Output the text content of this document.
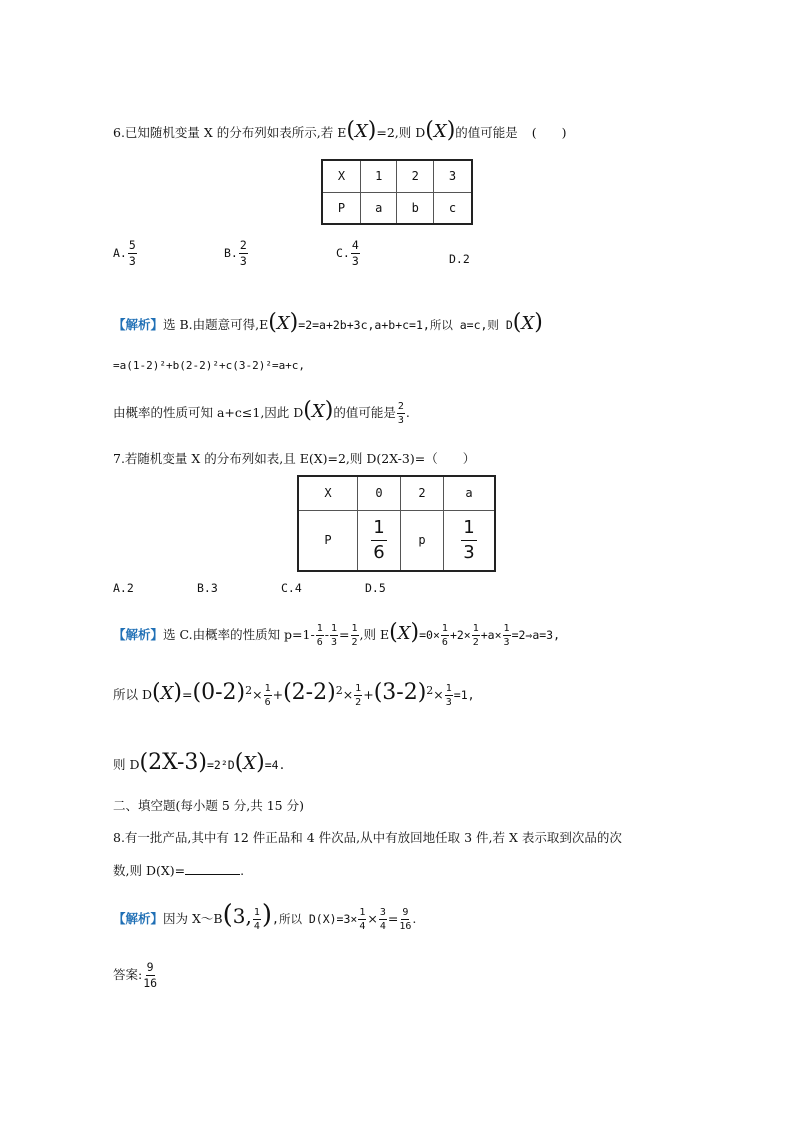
6.已知随机变量 X 的分布列如表所示,若 E(X)=2,则 D(X)的值可能是 (　　)
X	1	2	3
P	a	b	c
A. $\frac{5}{3}$	B. $\frac{2}{3}$	C. $\frac{4}{3}$	D.2
【解析】选 B.由题意可得,E(X)=2=a+2b+3c,a+b+c=1,所以 a=c,则 D(X)
=a(1-2)²+b(2-2)²+c(3-2)²=a+c,
由概率的性质可知 a+c≤1,因此 D(X)的值可能是 $\frac{2}{3}$ .
7.若随机变量 X 的分布列如表,且 E(X)=2,则 D(2X-3)=（　　）
X	0	2	a
P	$\frac{1}{6}$	p	$\frac{1}{3}$
A.2	B.3	C.4	D.5
【解析】选 C.由概率的性质知 $p=1- \frac{1}{6} - \frac{1}{3} = \frac{1}{2}$ ,则 $E(X)=0\times \frac{1}{6} +2\times \frac{1}{2} +a\times \frac{1}{3}$ =2⇒a=3,
所以 $D(X)=(0-2)^2\times \frac{1}{6} +(2-2)^2\times \frac{1}{2} +(3-2)^2\times \frac{1}{3} =1$,
则 D(2X-3)=2²D(X)=4.
二、填空题(每小题 5 分,共 15 分)
8.有一批产品,其中有 12 件正品和 4 件次品,从中有放回地任取 3 件,若 X 表示取到次品的次
数,则 D(X)=	.
【解析】因为 X～B(3, $\frac{1}{4}$ ),所以 $D(X)=3\times \frac{1}{4} \times \frac{3}{4} = \frac{9}{16}$ .
答案: $\frac{9}{16}$
